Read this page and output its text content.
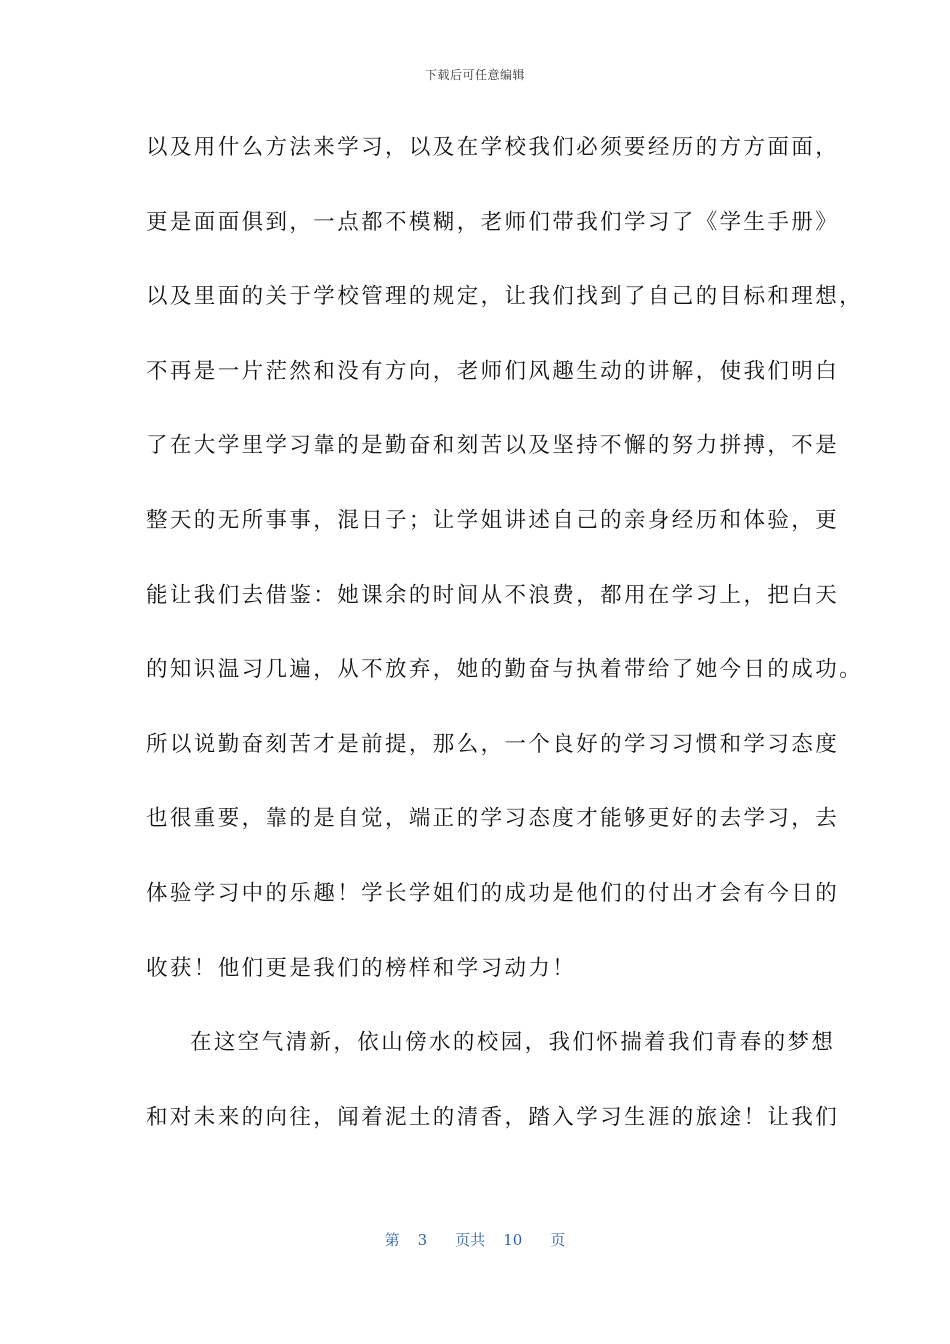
下载后可任意编辑
以及用什么方法来学习，以及在学校我们必须要经历的方方面面，
更是面面俱到，一点都不模糊，老师们带我们学习了《学生手册》
以及里面的关于学校管理的规定，让我们找到了自己的目标和理想，
不再是一片茫然和没有方向，老师们风趣生动的讲解，使我们明白
了在大学里学习靠的是勤奋和刻苦以及坚持不懈的努力拼搏，不是
整天的无所事事，混日子；让学姐讲述自己的亲身经历和体验，更
能让我们去借鉴：她课余的时间从不浪费，都用在学习上，把白天
的知识温习几遍，从不放弃，她的勤奋与执着带给了她今日的成功。
所以说勤奋刻苦才是前提，那么，一个良好的学习习惯和学习态度
也很重要，靠的是自觉，端正的学习态度才能够更好的去学习，去
体验学习中的乐趣！学长学姐们的成功是他们的付出才会有今日的
收获！他们更是我们的榜样和学习动力！
在这空气清新，依山傍水的校园，我们怀揣着我们青春的梦想
和对未来的向往，闻着泥土的清香，踏入学习生涯的旅途！让我们
第 3 页共 10 页
